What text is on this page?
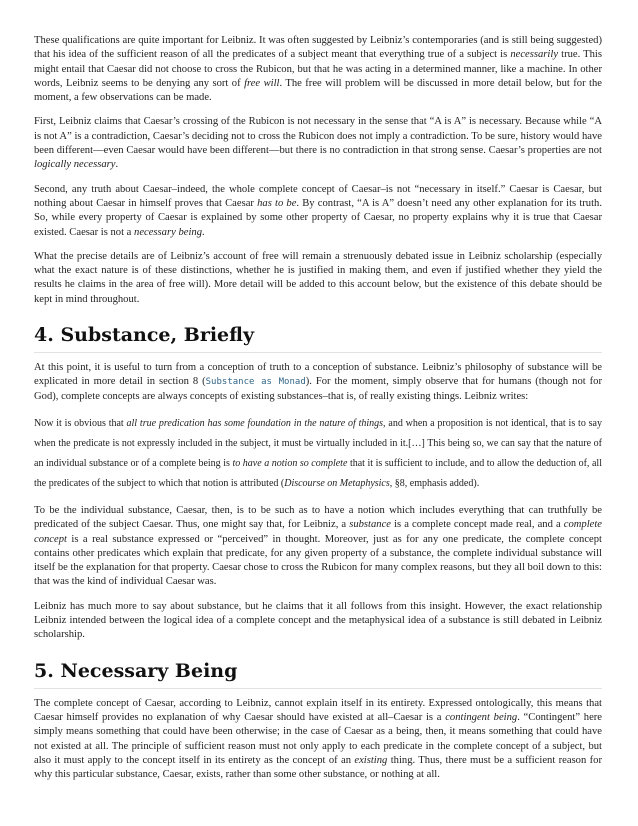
These qualifications are quite important for Leibniz. It was often suggested by Leibniz’s contemporaries (and is still being suggested) that his idea of the sufficient reason of all the predicates of a subject meant that everything true of a subject is necessarily true. This might entail that Caesar did not choose to cross the Rubicon, but that he was acting in a determined manner, like a machine. In other words, Leibniz seems to be denying any sort of free will. The free will problem will be discussed in more detail below, but for the moment, a few observations can be made.

First, Leibniz claims that Caesar’s crossing of the Rubicon is not necessary in the sense that “A is A” is necessary. Because while “A is not A” is a contradiction, Caesar’s deciding not to cross the Rubicon does not imply a contradiction. To be sure, history would have been different—even Caesar would have been different—but there is no contradiction in that strong sense. Caesar’s properties are not logically necessary.

Second, any truth about Caesar–indeed, the whole complete concept of Caesar–is not “necessary in itself.” Caesar is Caesar, but nothing about Caesar in himself proves that Caesar has to be. By contrast, “A is A” doesn’t need any other explanation for its truth. So, while every property of Caesar is explained by some other property of Caesar, no property explains why it is true that Caesar existed. Caesar is not a necessary being.

What the precise details are of Leibniz’s account of free will remain a strenuously debated issue in Leibniz scholarship (especially what the exact nature is of these distinctions, whether he is justified in making them, and even if justified whether they yield the results he claims in the area of free will). More detail will be added to this account below, but the existence of this debate should be kept in mind throughout.

4. Substance, Briefly

At this point, it is useful to turn from a conception of truth to a conception of substance. Leibniz’s philosophy of substance will be explicated in more detail in section 8 (Substance as Monad). For the moment, simply observe that for humans (though not for God), complete concepts are always concepts of existing substances–that is, of really existing things. Leibniz writes:

Now it is obvious that all true predication has some foundation in the nature of things, and when a proposition is not identical, that is to say when the predicate is not expressly included in the subject, it must be virtually included in it.[…] This being so, we can say that the nature of an individual substance or of a complete being is to have a notion so complete that it is sufficient to include, and to allow the deduction of, all the predicates of the subject to which that notion is attributed (Discourse on Metaphysics, §8, emphasis added).

To be the individual substance, Caesar, then, is to be such as to have a notion which includes everything that can truthfully be predicated of the subject Caesar. Thus, one might say that, for Leibniz, a substance is a complete concept made real, and a complete concept is a real substance expressed or “perceived” in thought. Moreover, just as for any one predicate, the complete concept contains other predicates which explain that predicate, for any given property of a substance, the complete individual substance will itself be the explanation for that property. Caesar chose to cross the Rubicon for many complex reasons, but they all boil down to this: that was the kind of individual Caesar was.

Leibniz has much more to say about substance, but he claims that it all follows from this insight. However, the exact relationship Leibniz intended between the logical idea of a complete concept and the metaphysical idea of a substance is still debated in Leibniz scholarship.

5. Necessary Being

The complete concept of Caesar, according to Leibniz, cannot explain itself in its entirety. Expressed ontologically, this means that Caesar himself provides no explanation of why Caesar should have existed at all–Caesar is a contingent being. “Contingent” here simply means something that could have been otherwise; in the case of Caesar as a being, then, it means something that could have not existed at all. The principle of sufficient reason must not only apply to each predicate in the complete concept of a subject, but also it must apply to the concept itself in its entirety as the concept of an existing thing. Thus, there must be a sufficient reason for why this particular substance, Caesar, exists, rather than some other substance, or nothing at all.
